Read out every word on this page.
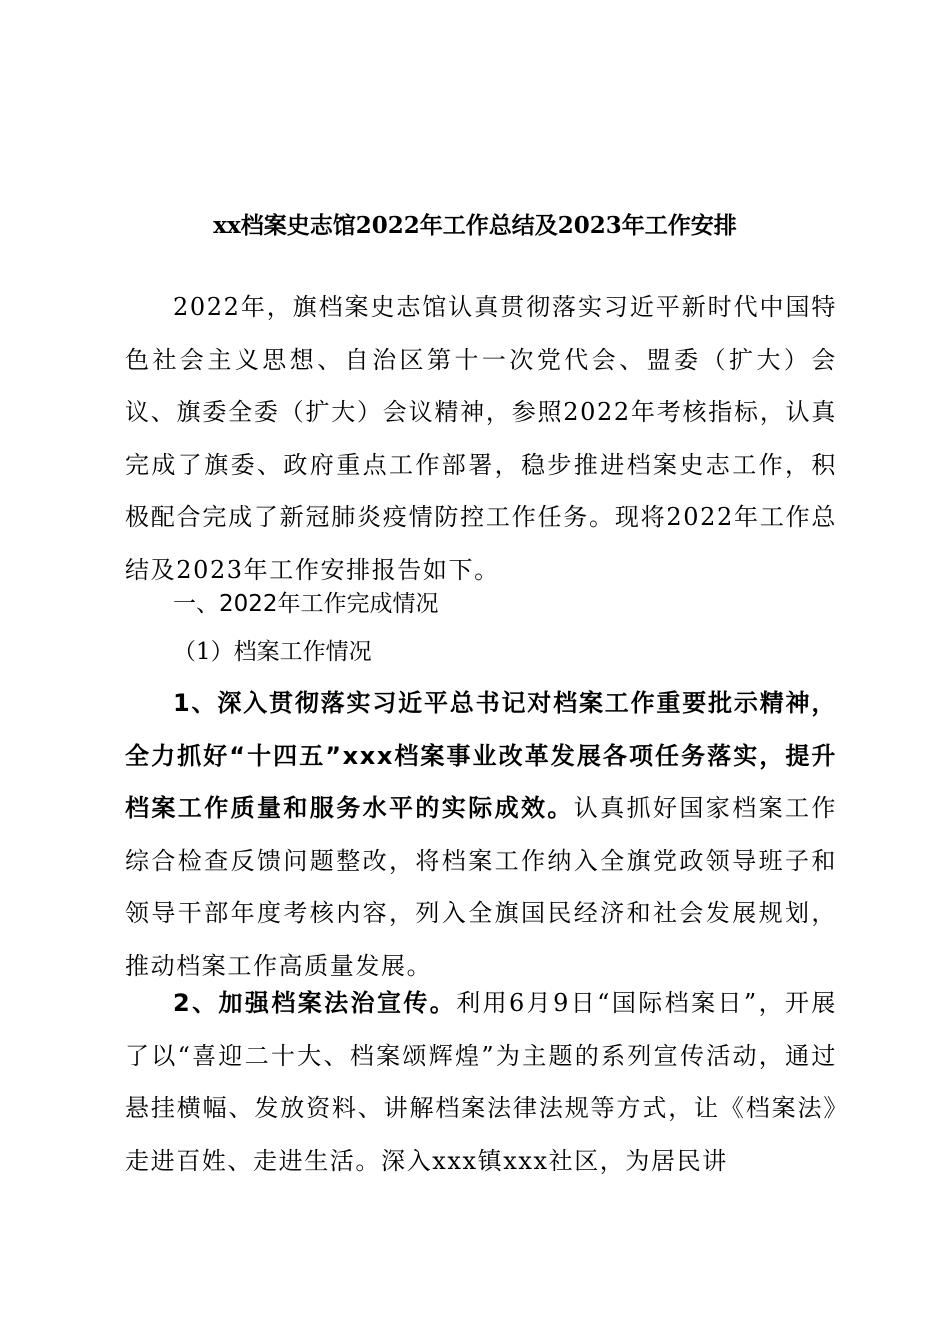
xx档案史志馆2022年工作总结及2023年工作安排

2022年，旗档案史志馆认真贯彻落实习近平新时代中国特色社会主义思想、自治区第十一次党代会、盟委（扩大）会议、旗委全委（扩大）会议精神，参照2022年考核指标，认真完成了旗委、政府重点工作部署，稳步推进档案史志工作，积极配合完成了新冠肺炎疫情防控工作任务。现将2022年工作总结及2023年工作安排报告如下。

一、2022年工作完成情况

（1）档案工作情况

1、深入贯彻落实习近平总书记对档案工作重要批示精神，全力抓好“十四五”xxx档案事业改革发展各项任务落实，提升档案工作质量和服务水平的实际成效。认真抓好国家档案工作综合检查反馈问题整改，将档案工作纳入全旗党政领导班子和领导干部年度考核内容，列入全旗国民经济和社会发展规划，推动档案工作高质量发展。

2、加强档案法治宣传。利用6月9日“国际档案日”，开展了以“喜迎二十大、档案颂辉煌”为主题的系列宣传活动，通过悬挂横幅、发放资料、讲解档案法律法规等方式，让《档案法》走进百姓、走进生活。深入xxx镇xxx社区，为居民讲
